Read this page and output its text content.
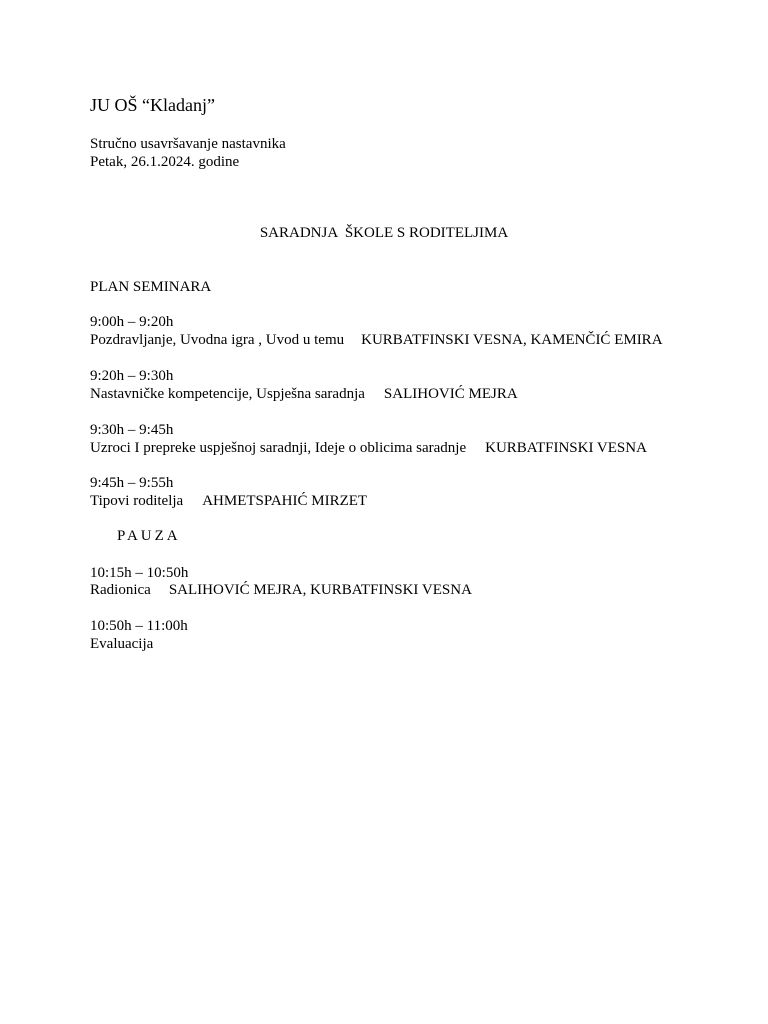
JU OŠ “Kladanj”
Stručno usavršavanje nastavnika
Petak, 26.1.2024. godine
SARADNJA  ŠKOLE S RODITELJIMA
PLAN SEMINARA
9:00h – 9:20h
Pozdravljanje, Uvodna igra , Uvod u temu KURBATFINSKI VESNA, KAMENČIĆ EMIRA
9:20h – 9:30h
Nastavničke kompetencije, Uspješna saradnja SALIHOVIĆ MEJRA
9:30h – 9:45h
Uzroci I prepreke uspješnoj saradnji, Ideje o oblicima saradnje KURBATFINSKI VESNA
9:45h – 9:55h
Tipovi roditelja AHMETSPAHIĆ MIRZET
PAUZA
10:15h – 10:50h
Radionica SALIHOVIĆ MEJRA, KURBATFINSKI VESNA
10:50h – 11:00h
Evaluacija
